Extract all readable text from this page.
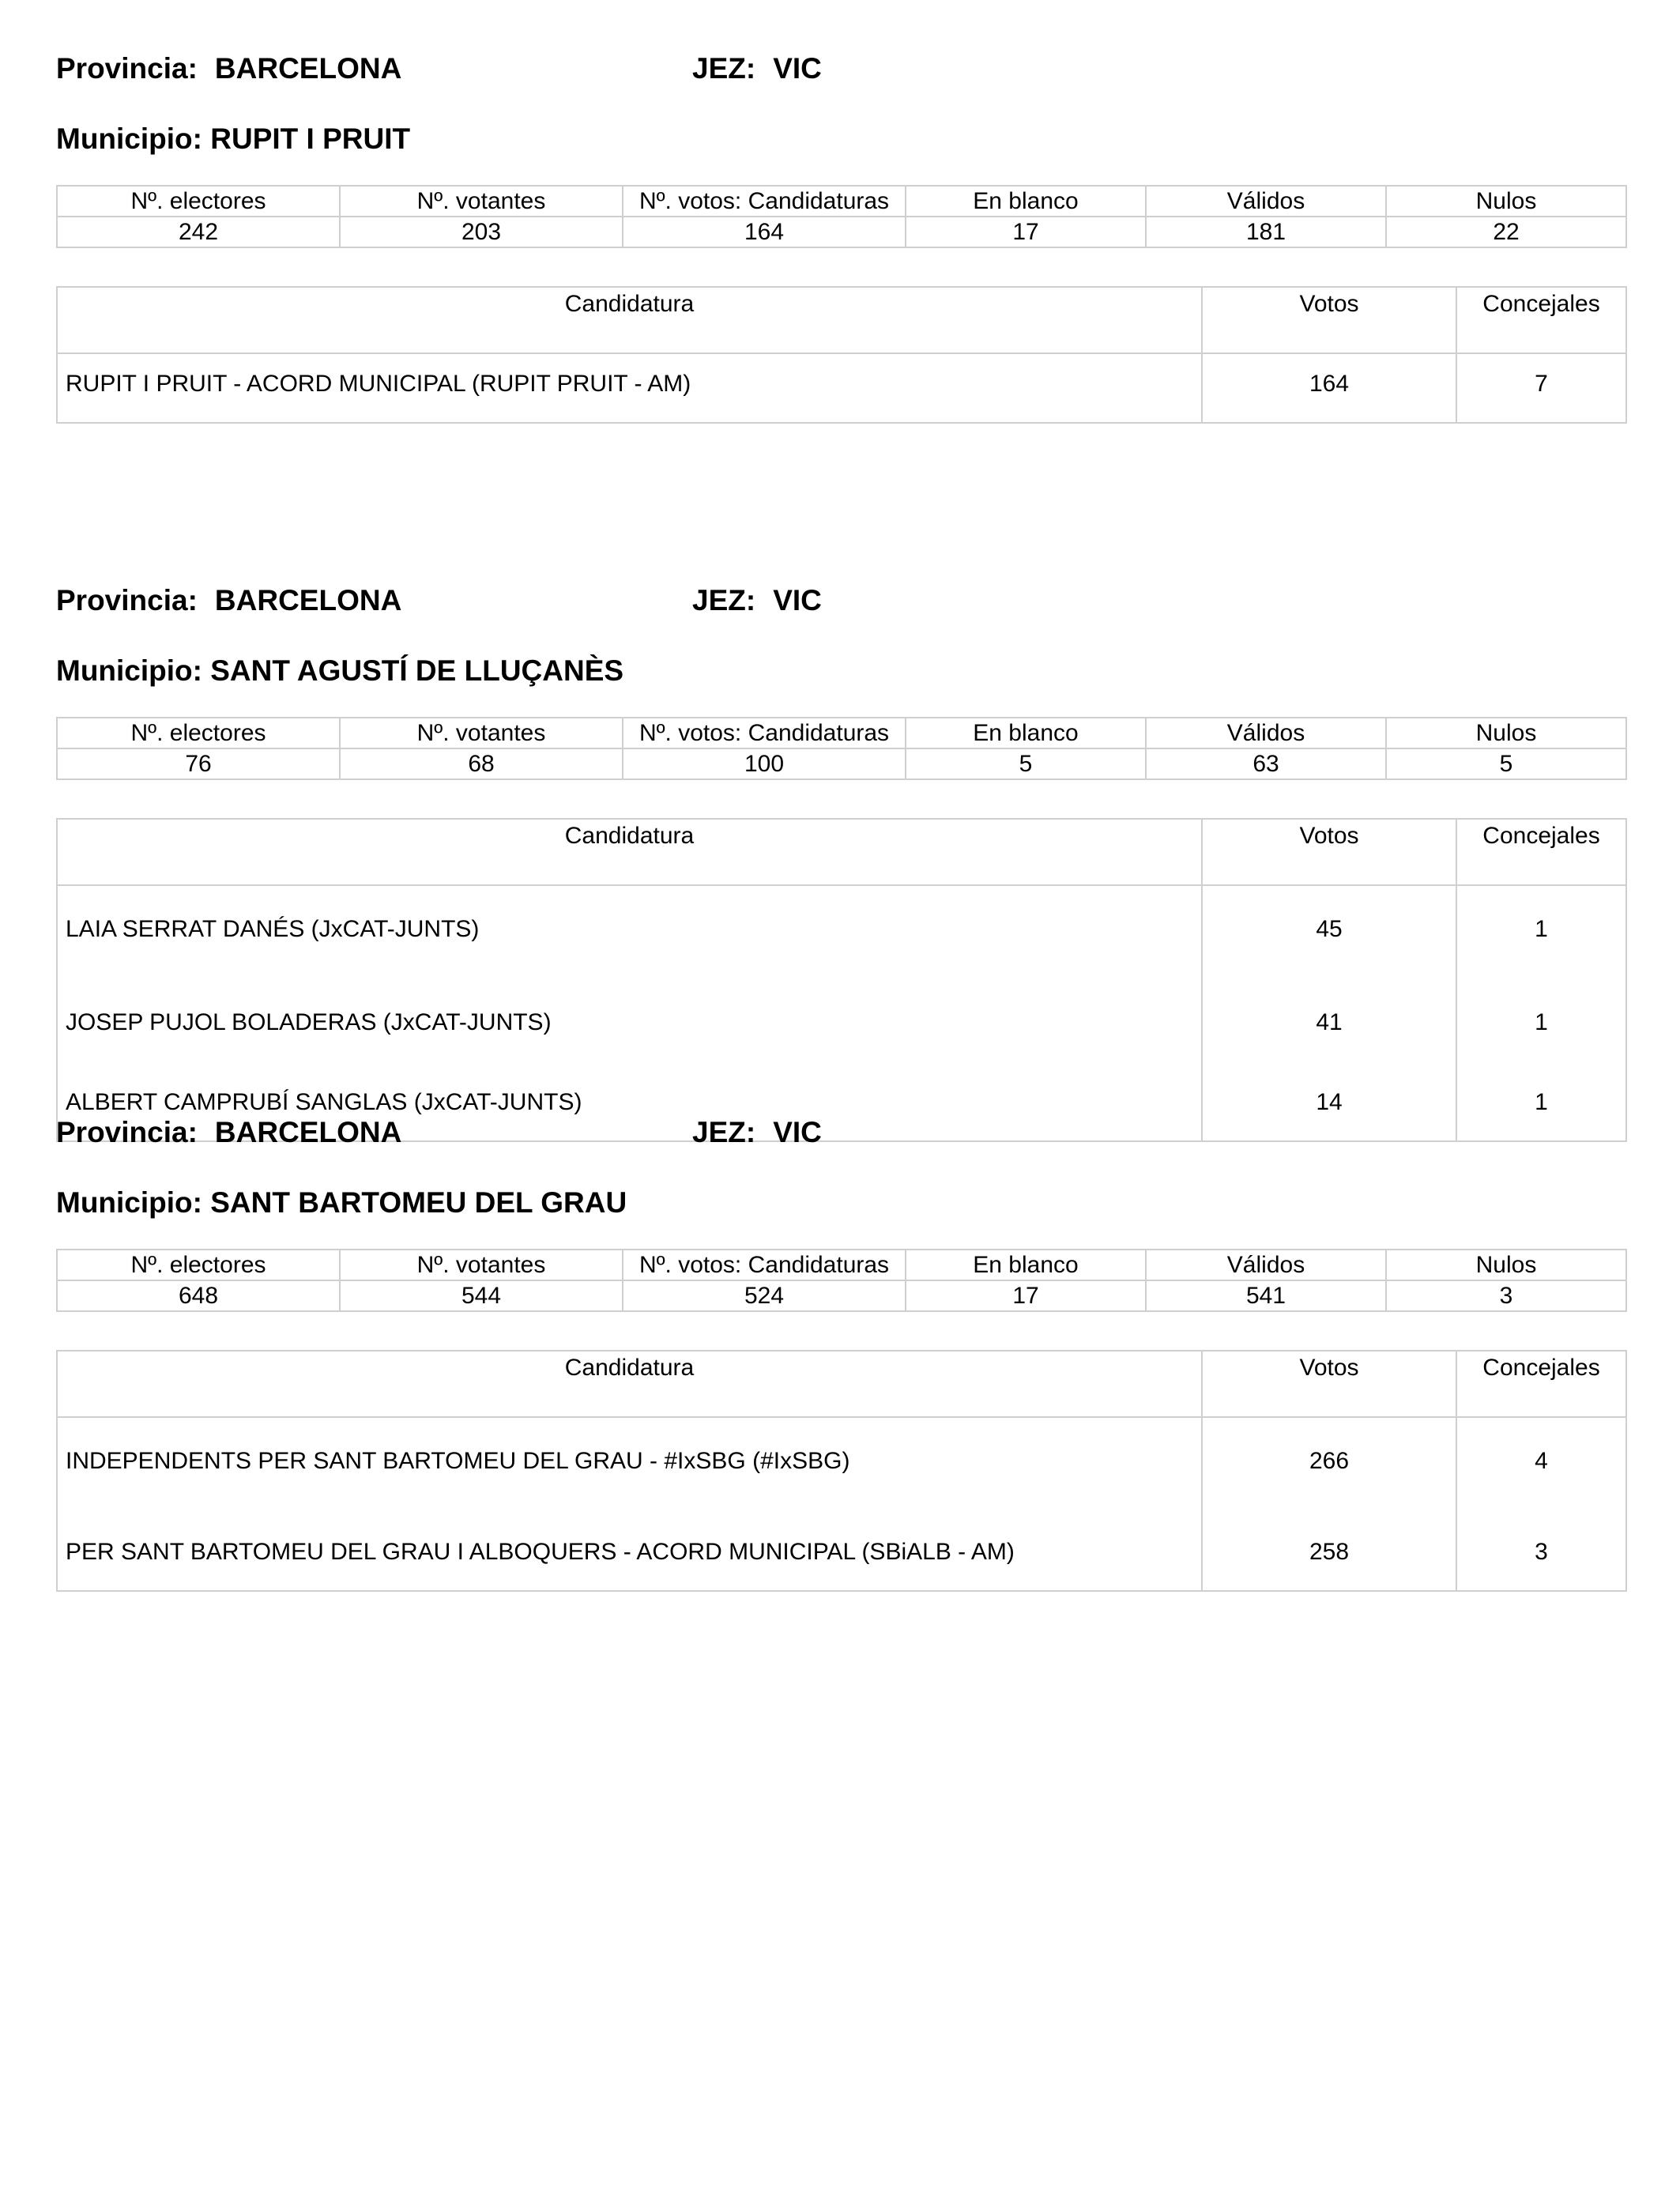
Provincia: BARCELONA	JEZ: VIC
Municipio: RUPIT I PRUIT
Nº. electores	Nº. votantes	Nº. votos: Candidaturas	En blanco	Válidos	Nulos
242	203	164	17	181	22
Candidatura	Votos	Concejales
RUPIT I PRUIT - ACORD MUNICIPAL (RUPIT PRUIT - AM)	164	7
Provincia: BARCELONA	JEZ: VIC
Municipio: SANT AGUSTÍ DE LLUÇANÈS
Nº. electores	Nº. votantes	Nº. votos: Candidaturas	En blanco	Válidos	Nulos
76	68	100	5	63	5
Candidatura	Votos	Concejales
LAIA SERRAT DANÉS (JxCAT-JUNTS)	45	1
JOSEP PUJOL BOLADERAS (JxCAT-JUNTS)	41	1
ALBERT CAMPRUBÍ SANGLAS (JxCAT-JUNTS)	14	1
Provincia: BARCELONA	JEZ: VIC
Municipio: SANT BARTOMEU DEL GRAU
Nº. electores	Nº. votantes	Nº. votos: Candidaturas	En blanco	Válidos	Nulos
648	544	524	17	541	3
Candidatura	Votos	Concejales
INDEPENDENTS PER SANT BARTOMEU DEL GRAU - #IxSBG (#IxSBG)	266	4
PER SANT BARTOMEU DEL GRAU I ALBOQUERS - ACORD MUNICIPAL (SBiALB - AM)	258	3
